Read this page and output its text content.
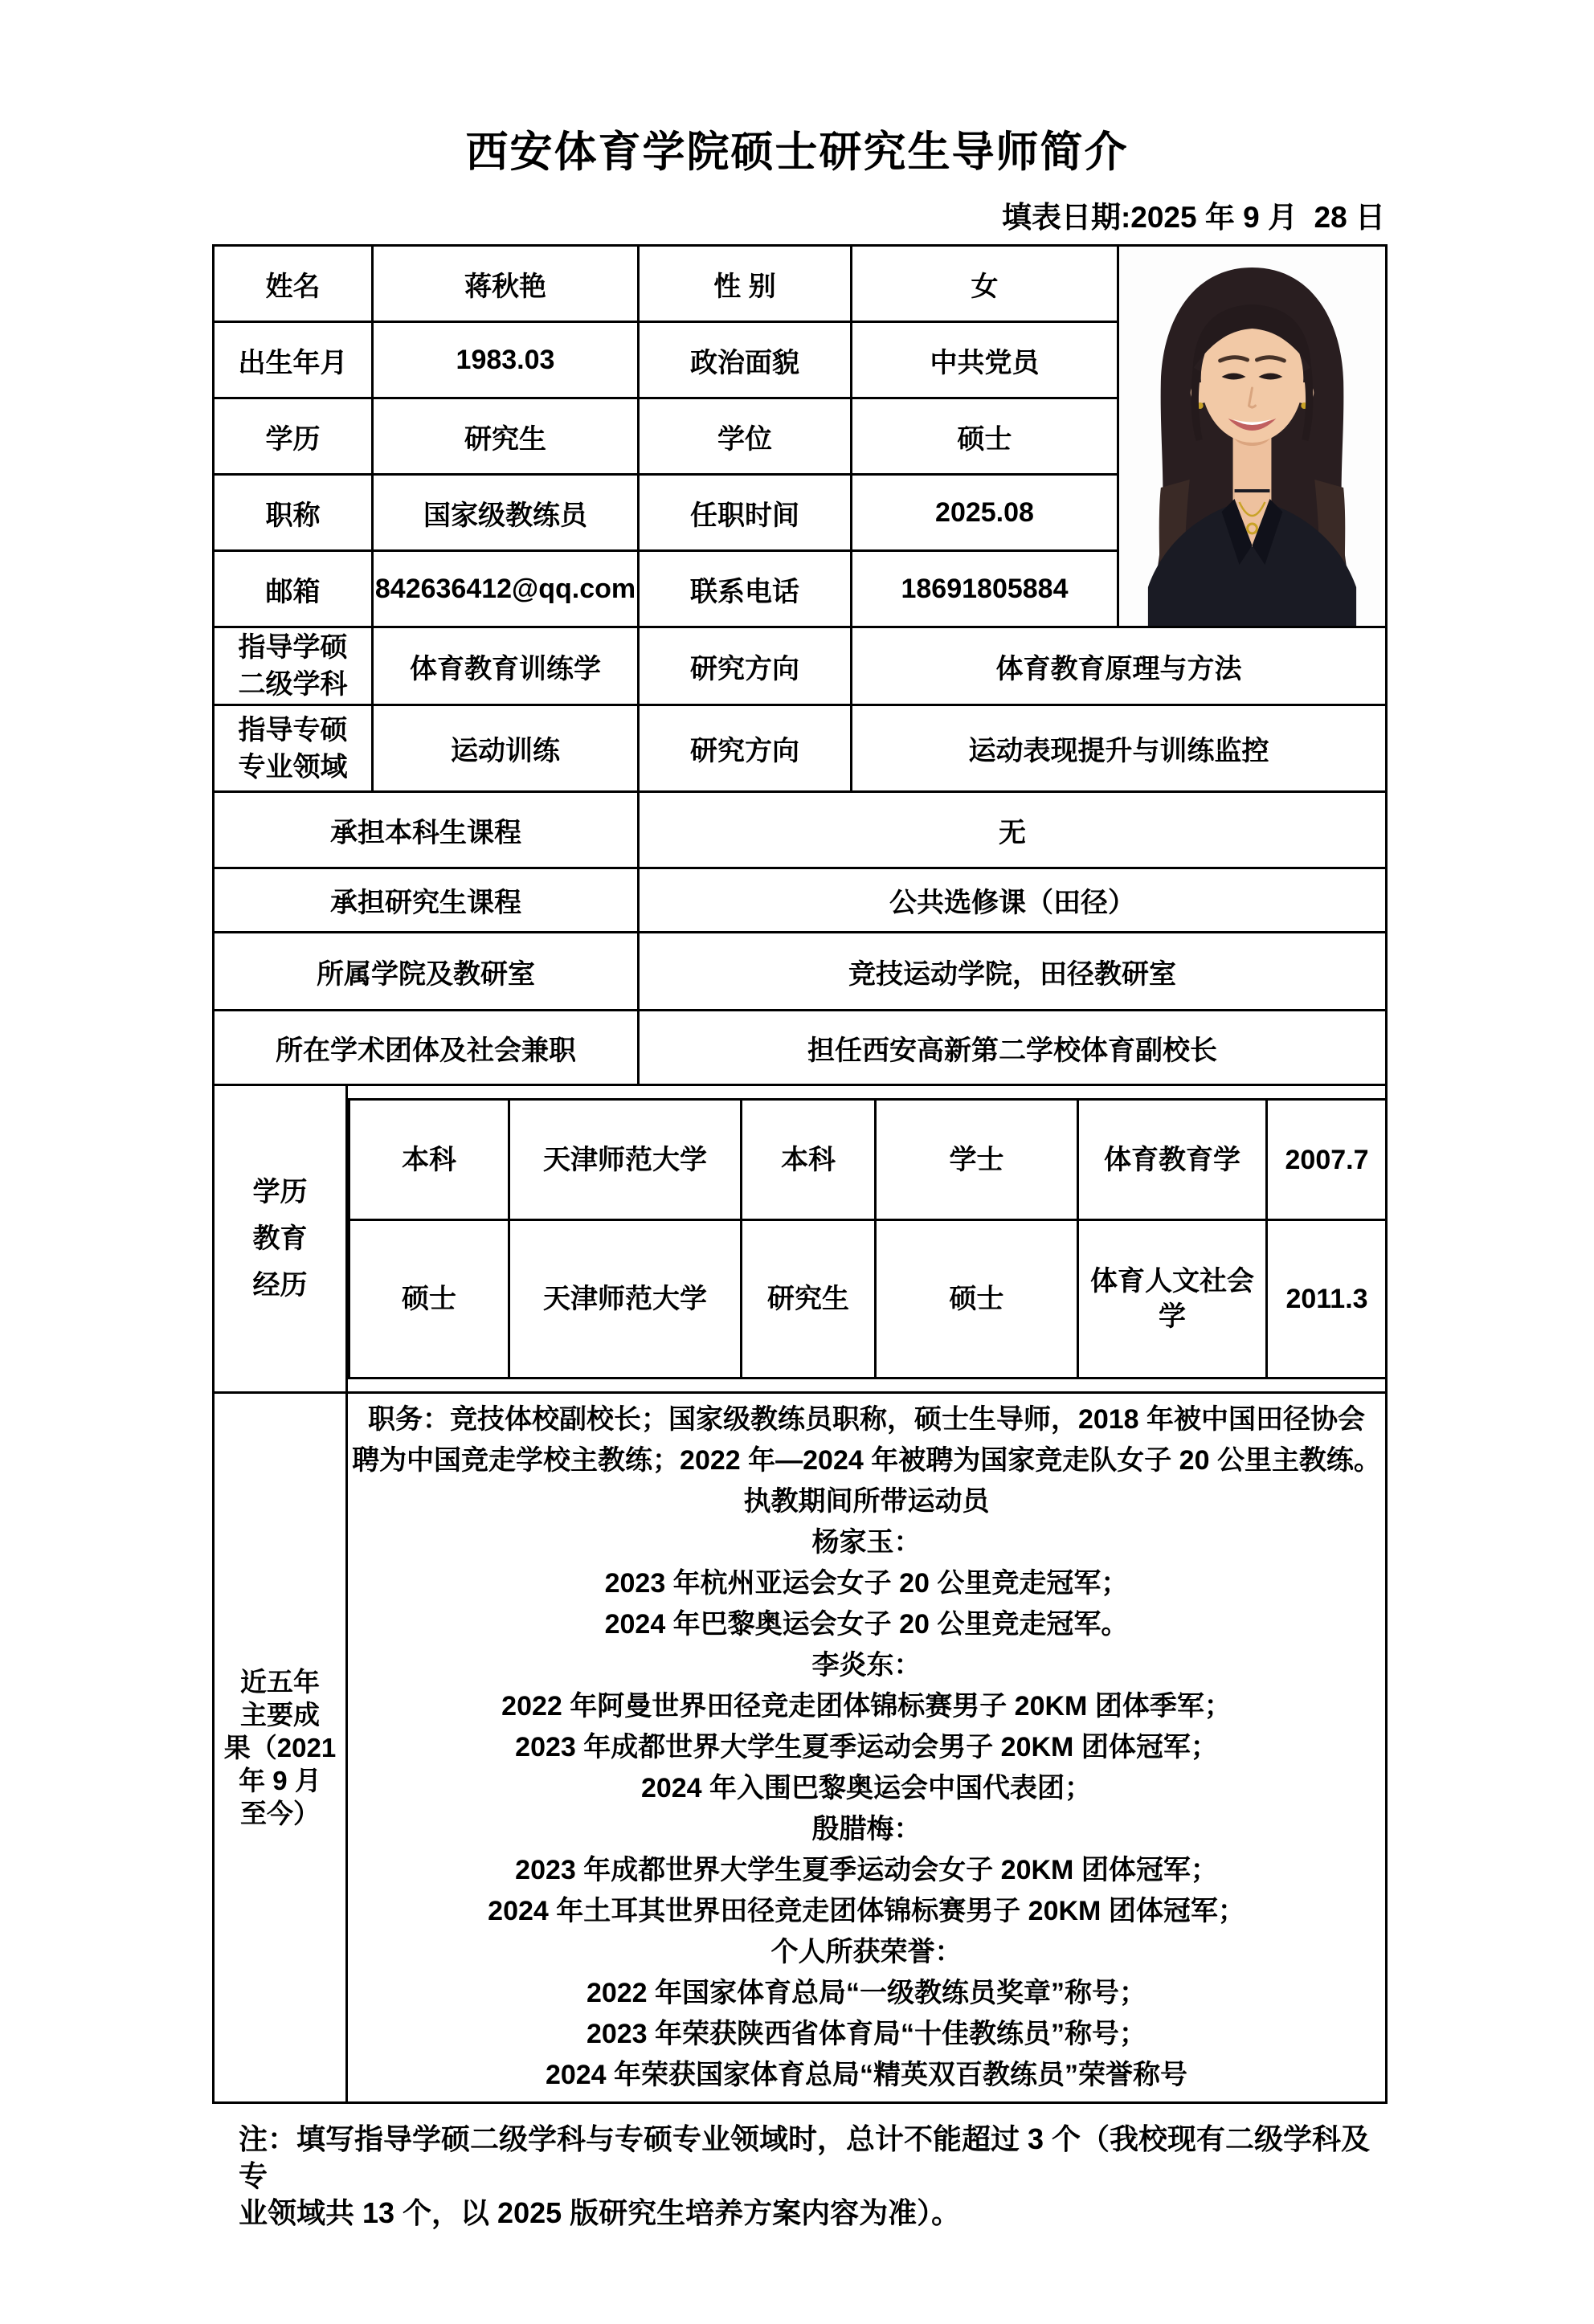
西安体育学院硕士研究生导师简介
填表日期:2025 年 9 月  28 日
姓名	蒋秋艳	性 别	女	

出生年月	1983.03	政治面貌	中共党员
学历	研究生	学位	硕士
职称	国家级教练员	任职时间	2025.08
邮箱	842636412@qq.com	联系电话	18691805884

指导学硕
二级学科
	体育教育训练学	研究方向	体育教育原理与方法

指导专硕
专业领域
	运动训练	研究方向	运动表现提升与训练监控
承担本科生课程	无
承担研究生课程	公共选修课（田径）
所属学院及教研室	竞技运动学院，田径教研室
所在学术团体及社会兼职	担任西安高新第二学校体育副校长

学历
教育
经历

本科	天津师范大学	本科	学士	体育教育学	2007.7
硕士	天津师范大学	研究生	硕士	体育人文社会学	2011.3

近五年
主要成
果（2021
年 9 月
至今）

职务：竞技体校副校长；国家级教练员职称，硕士生导师，2018 年被中国田径协会
聘为中国竞走学校主教练；2022 年—2024 年被聘为国家竞走队女子 20 公里主教练。
执教期间所带运动员
杨家玉：
2023 年杭州亚运会女子 20 公里竞走冠军；
2024 年巴黎奥运会女子 20 公里竞走冠军。
李炎东：
2022 年阿曼世界田径竞走团体锦标赛男子 20KM 团体季军；
2023 年成都世界大学生夏季运动会男子 20KM 团体冠军；
2024 年入围巴黎奥运会中国代表团；
殷腊梅：
2023 年成都世界大学生夏季运动会女子 20KM 团体冠军；
2024 年土耳其世界田径竞走团体锦标赛男子 20KM 团体冠军；
个人所获荣誉：
2022 年国家体育总局“一级教练员奖章”称号；
2023 年荣获陕西省体育局“十佳教练员”称号；
2024 年荣获国家体育总局“精英双百教练员”荣誉称号
注：填写指导学硕二级学科与专硕专业领域时，总计不能超过 3 个（我校现有二级学科及专
业领域共 13 个，以 2025 版研究生培养方案内容为准）。
